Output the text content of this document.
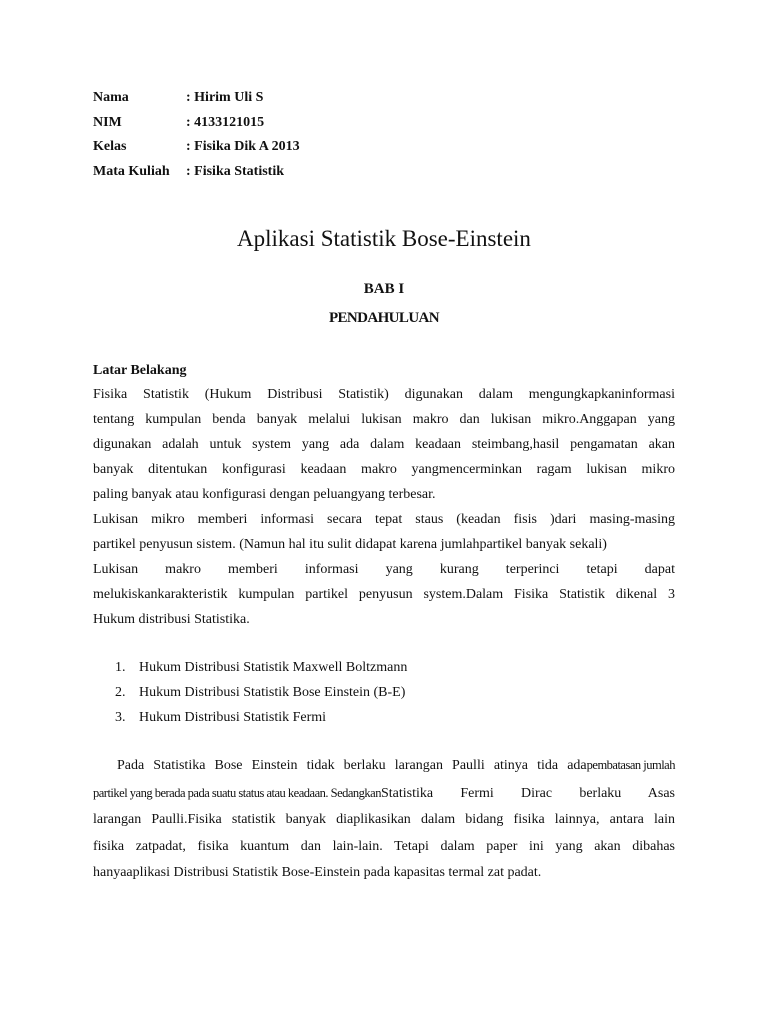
Nama	: Hirim Uli S
NIM	: 4133121015
Kelas	: Fisika Dik A 2013
Mata Kuliah	: Fisika Statistik
Aplikasi Statistik Bose-Einstein
BAB I
PENDAHULUAN
Latar Belakang

Fisika Statistik (Hukum Distribusi Statistik) digunakan dalam mengungkapkaninformasi
tentang kumpulan benda banyak melalui lukisan makro dan lukisan mikro.Anggapan yang
digunakan adalah untuk system yang ada dalam keadaan steimbang,hasil pengamatan akan
banyak ditentukan konfigurasi keadaan makro yangmencerminkan ragam lukisan mikro
paling banyak atau konfigurasi dengan peluangyang terbesar.

Lukisan mikro memberi informasi secara tepat staus (keadan fisis )dari masing-masing
partikel penyusun sistem. (Namun hal itu sulit didapat karena jumlahpartikel banyak sekali)

Lukisan makro memberi informasi yang kurang terperinci tetapi dapat
melukiskankarakteristik kumpulan partikel penyusun system.Dalam Fisika Statistik dikenal 3
Hukum distribusi Statistika.

1. Hukum Distribusi Statistik Maxwell Boltzmann
2. Hukum Distribusi Statistik Bose Einstein (B-E)
3. Hukum Distribusi Statistik Fermi
Pada Statistika Bose Einstein tidak berlaku larangan Paulli atinya tida adapembatasan jumlah
partikel yang berada pada suatu status atau keadaan. SedangkanStatistika Fermi Dirac berlaku Asas
larangan Paulli.Fisika statistik banyak diaplikasikan dalam bidang fisika lainnya, antara lain
fisika zatpadat, fisika kuantum dan lain-lain. Tetapi dalam paper ini yang akan dibahas
hanyaaplikasi Distribusi Statistik Bose-Einstein pada kapasitas termal zat padat.
